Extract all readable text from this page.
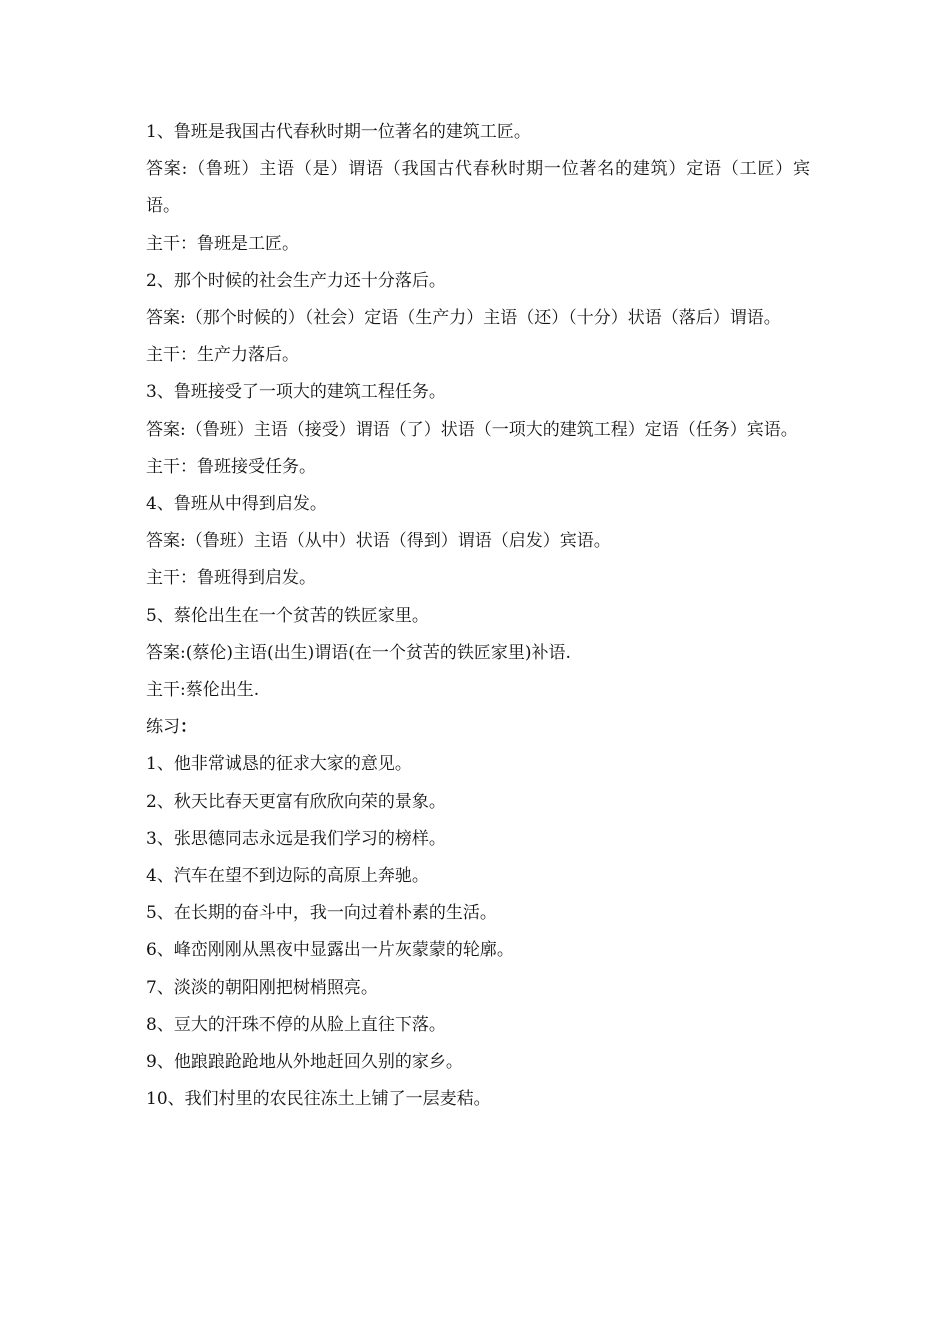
1、鲁班是我国古代春秋时期一位著名的建筑工匠。

答案:（鲁班）主语（是）谓语（我国古代春秋时期一位著名的建筑）定语（工匠）宾语。

主干：鲁班是工匠。

2、那个时候的社会生产力还十分落后。

答案:（那个时候的）（社会）定语（生产力）主语（还）（十分）状语（落后）谓语。

主干：生产力落后。

3、鲁班接受了一项大的建筑工程任务。

答案:（鲁班）主语（接受）谓语（了）状语（一项大的建筑工程）定语（任务）宾语。

主干：鲁班接受任务。

4、鲁班从中得到启发。

答案:（鲁班）主语（从中）状语（得到）谓语（启发）宾语。

主干：鲁班得到启发。

5、蔡伦出生在一个贫苦的铁匠家里。

答案:(蔡伦)主语(出生)谓语(在一个贫苦的铁匠家里)补语.

主干:蔡伦出生.

练习：

1、他非常诚恳的征求大家的意见。

2、秋天比春天更富有欣欣向荣的景象。

3、张思德同志永远是我们学习的榜样。

4、汽车在望不到边际的高原上奔驰。

5、在长期的奋斗中，我一向过着朴素的生活。

6、峰峦刚刚从黑夜中显露出一片灰蒙蒙的轮廓。

7、淡淡的朝阳刚把树梢照亮。

8、豆大的汗珠不停的从脸上直往下落。

9、他踉踉跄跄地从外地赶回久别的家乡。

10、我们村里的农民往冻土上铺了一层麦秸。
